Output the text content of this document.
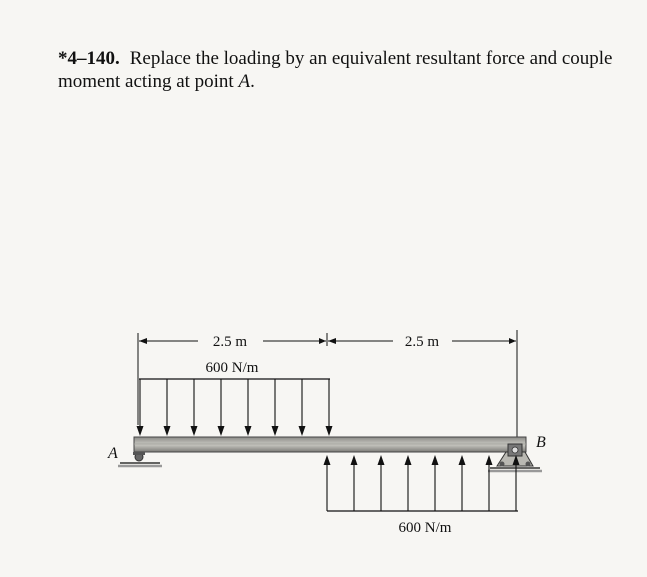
*4–140. Replace the loading by an equivalent resultant force and couple moment acting at point A.

2.5 m	2.5 m
600 N/m
A
B
600 N/m
